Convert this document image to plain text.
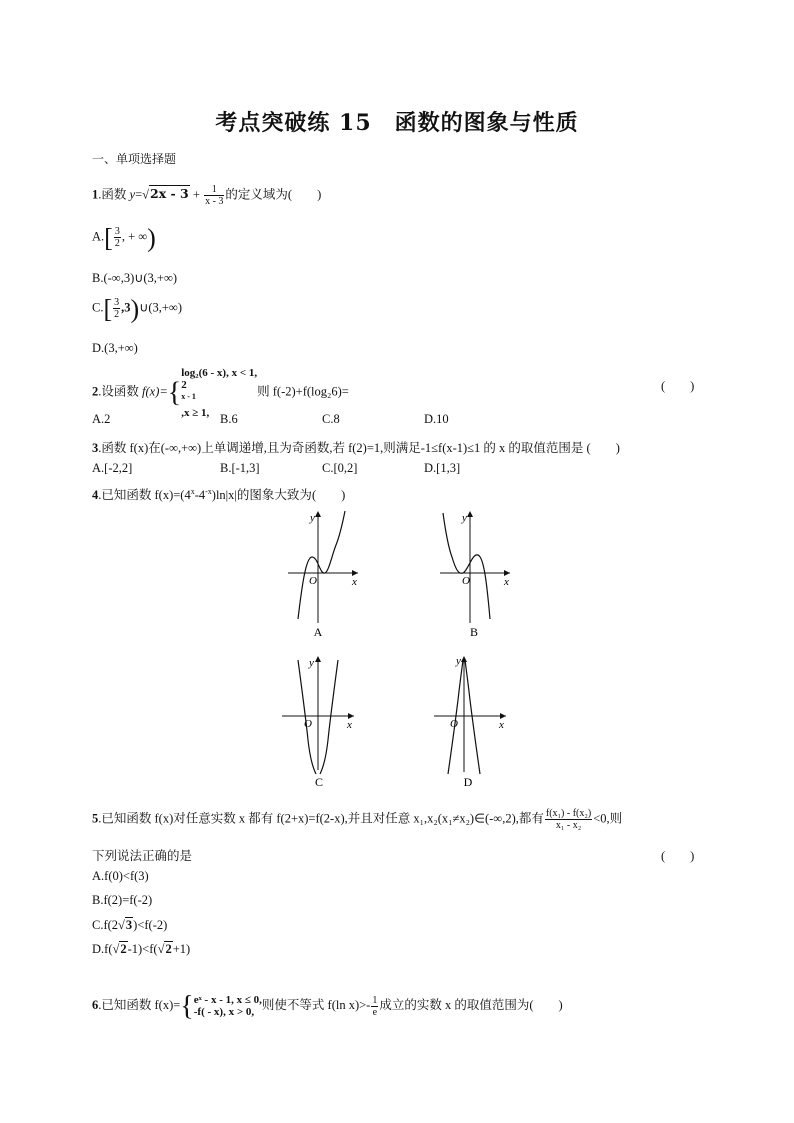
考点突破练 15　函数的图象与性质
一、单项选择题
1.函数 $y=√2x - 3 + \frac{1}{x - 3}$ 的定义域为(　　)
$A.[ \frac{3}{2}$ , + ∞)
B.(-∞,3)∪(3,+∞)
$C.[ \frac{3}{2}$ ,3)∪(3,+∞)
D.(3,+∞)
2.设函数 f(x)={
log₂(6 - x), x < 1,
2
$^{x - 1}$
,x ≥ 1,
则 f(-2)+f(log₂6)=	(　　)
A.2	B.6	C.8	D.10
3.函数 f(x)在(-∞,+∞)上单调递增,且为奇函数,若 f(2)=1,则满足-1≤f(x-1)≤1 的 x 的取值范围是 (　　)
A.[-2,2]	B.[-1,3]	C.[0,2]	D.[1,3]
4.已知函数 $f(x)=(4^x-4^{-x})\ln|x|$的图象大致为(　　)
y
x
O
A
y
x
O
B
y
x
O
C
y
x
O
D
5.已知函数 f(x)对任意实数 x 都有 f(2+x)=f(2-x),并且对任意 x₁,x₂(x₁≠x₂)∈(-∞,2),都有 $\frac{\text{f(x₁) - f(x₂)}}{\text{x₁ - x₂}} <0$,则
下列说法正确的是	(　　)
A.f(0)<f(3)
B.f(2)=f(-2)
C.f(2√3)<f(-2)
D.f(√2-1)<f(√2+1)
6.已知函数 f(x)={ eˣ - x - 1, x ≤ 0,
-f( - x), x > 0,
则使不等式 f(ln $x)>- \frac{1}{e}$ 成立的实数 x 的取值范围为(　　)
